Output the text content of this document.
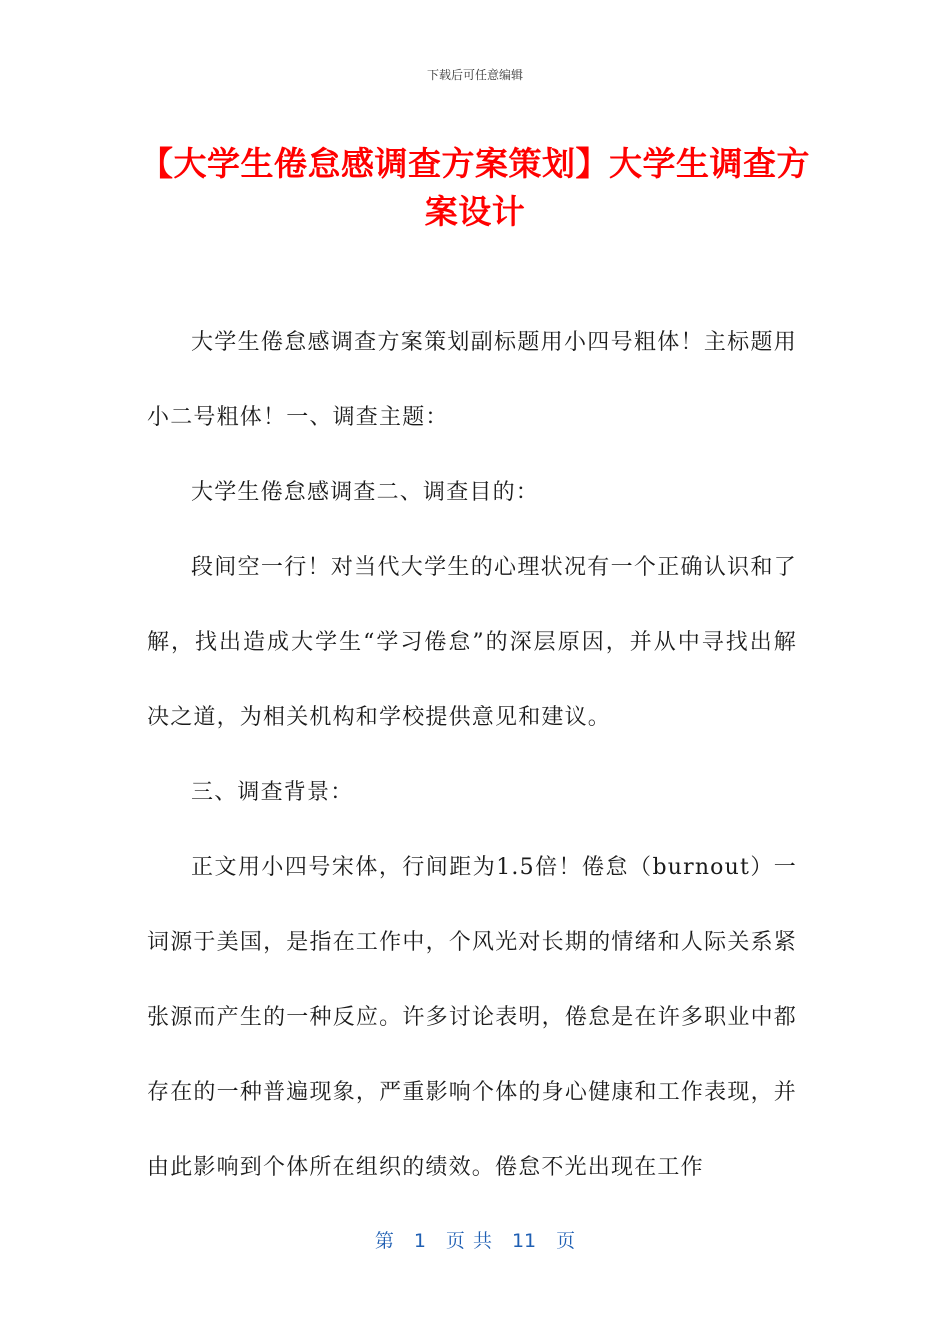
下载后可任意编辑
【大学生倦怠感调查方案策划】大学生调查方案设计

大学生倦怠感调查方案策划副标题用小四号粗体！主标题用小二号粗体！一、调查主题：

大学生倦怠感调查二、调查目的：

段间空一行！对当代大学生的心理状况有一个正确认识和了解，找出造成大学生“学习倦怠”的深层原因，并从中寻找出解决之道，为相关机构和学校提供意见和建议。

三、调查背景：

正文用小四号宋体，行间距为1.5倍！倦怠（burnout）一词源于美国，是指在工作中，个风光对长期的情绪和人际关系紧张源而产生的一种反应。许多讨论表明，倦怠是在许多职业中都存在的一种普遍现象，严重影响个体的身心健康和工作表现，并由此影响到个体所在组织的绩效。倦怠不光出现在工作

第 1 页 共 11 页
